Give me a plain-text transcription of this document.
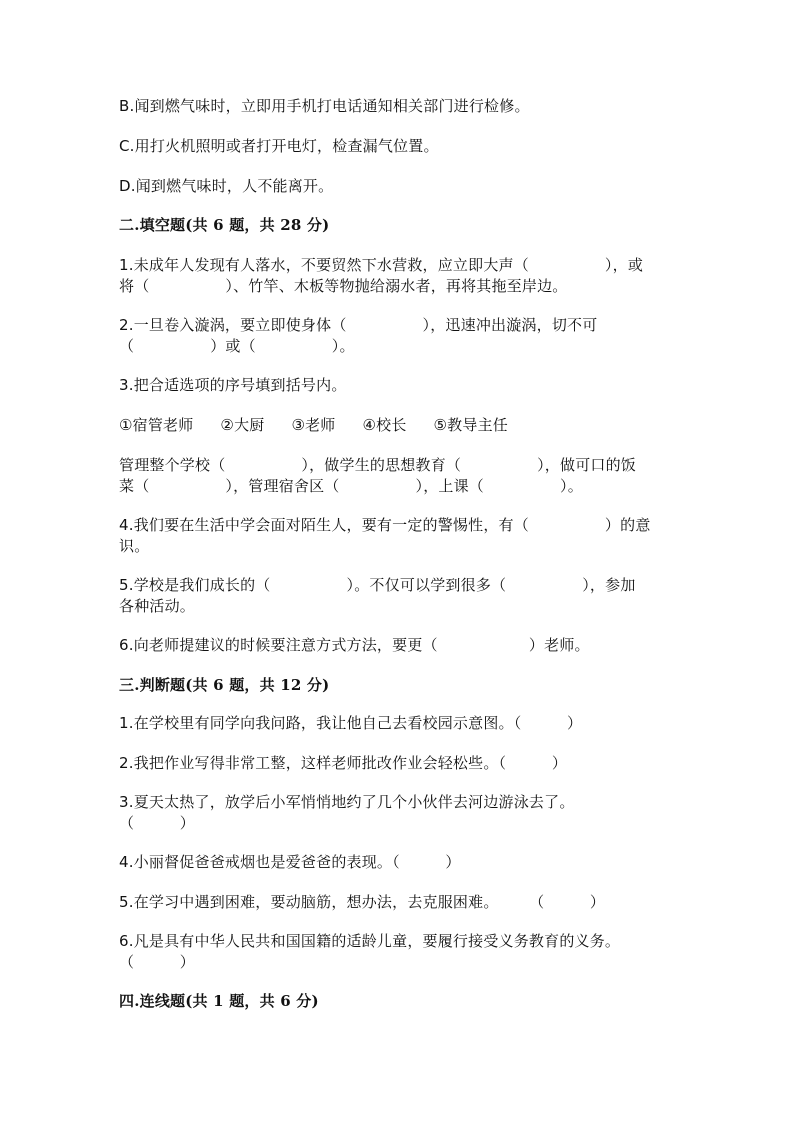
B.闻到燃气味时，立即用手机打电话通知相关部门进行检修。
C.用打火机照明或者打开电灯，检查漏气位置。
D.闻到燃气味时，人不能离开。
二.填空题(共 6 题，共 28 分)
1.未成年人发现有人落水，不要贸然下水营救，应立即大声（　　　　　），或
将（　　　　　）、竹竿、木板等物抛给溺水者，再将其拖至岸边。
2.一旦卷入漩涡，要立即使身体（　　　　　），迅速冲出漩涡，切不可
（　　　　　）或（　　　　　）。
3.把合适选项的序号填到括号内。
①宿管老师 ②大厨 ③老师 ④校长 ⑤教导主任
管理整个学校（　　　　　），做学生的思想教育（　　　　　），做可口的饭
菜（　　　　　），管理宿舍区（　　　　　），上课（　　　　　）。
4.我们要在生活中学会面对陌生人，要有一定的警惕性，有（　　　　　）的意
识。
5.学校是我们成长的（　　　　　）。不仅可以学到很多（　　　　　），参加
各种活动。
6.向老师提建议的时候要注意方式方法，要更（　　　　　　）老师。
三.判断题(共 6 题，共 12 分)
1.在学校里有同学向我问路，我让他自己去看校园示意图。（　　　）
2.我把作业写得非常工整，这样老师批改作业会轻松些。（　　　）
3.夏天太热了，放学后小军悄悄地约了几个小伙伴去河边游泳去了。
（　　　）
4.小丽督促爸爸戒烟也是爱爸爸的表现。（　　　）
5.在学习中遇到困难，要动脑筋，想办法，去克服困难。　　　（　　　）
6.凡是具有中华人民共和国国籍的适龄儿童，要履行接受义务教育的义务。
（　　　）
四.连线题(共 1 题，共 6 分)
